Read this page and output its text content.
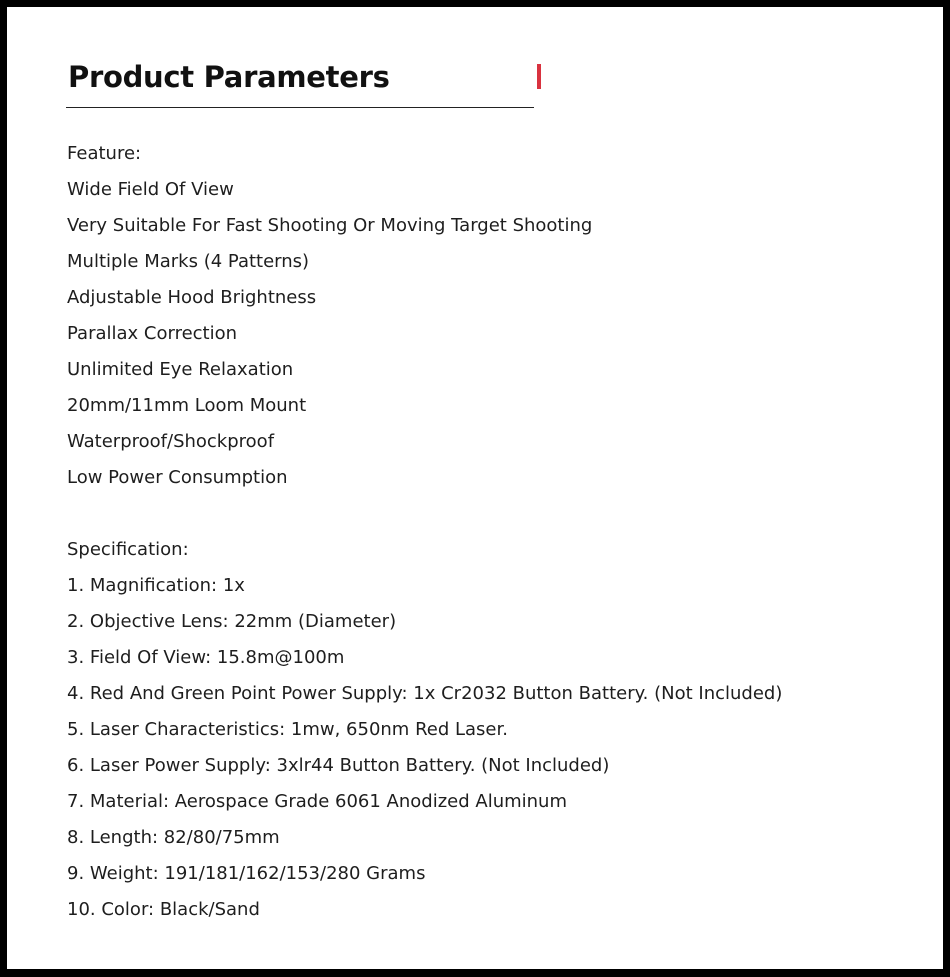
Product Parameters
Feature:
Wide Field Of View
Very Suitable For Fast Shooting Or Moving Target Shooting
Multiple Marks (4 Patterns)
Adjustable Hood Brightness
Parallax Correction
Unlimited Eye Relaxation
20mm/11mm Loom Mount
Waterproof/Shockproof
Low Power Consumption
Specification:
1. Magnification: 1x
2. Objective Lens: 22mm (Diameter)
3. Field Of View: 15.8m@100m
4. Red And Green Point Power Supply: 1x Cr2032 Button Battery. (Not Included)
5. Laser Characteristics: 1mw, 650nm Red Laser.
6. Laser Power Supply: 3xlr44 Button Battery. (Not Included)
7. Material: Aerospace Grade 6061 Anodized Aluminum
8. Length: 82/80/75mm
9. Weight: 191/181/162/153/280 Grams
10. Color: Black/Sand
